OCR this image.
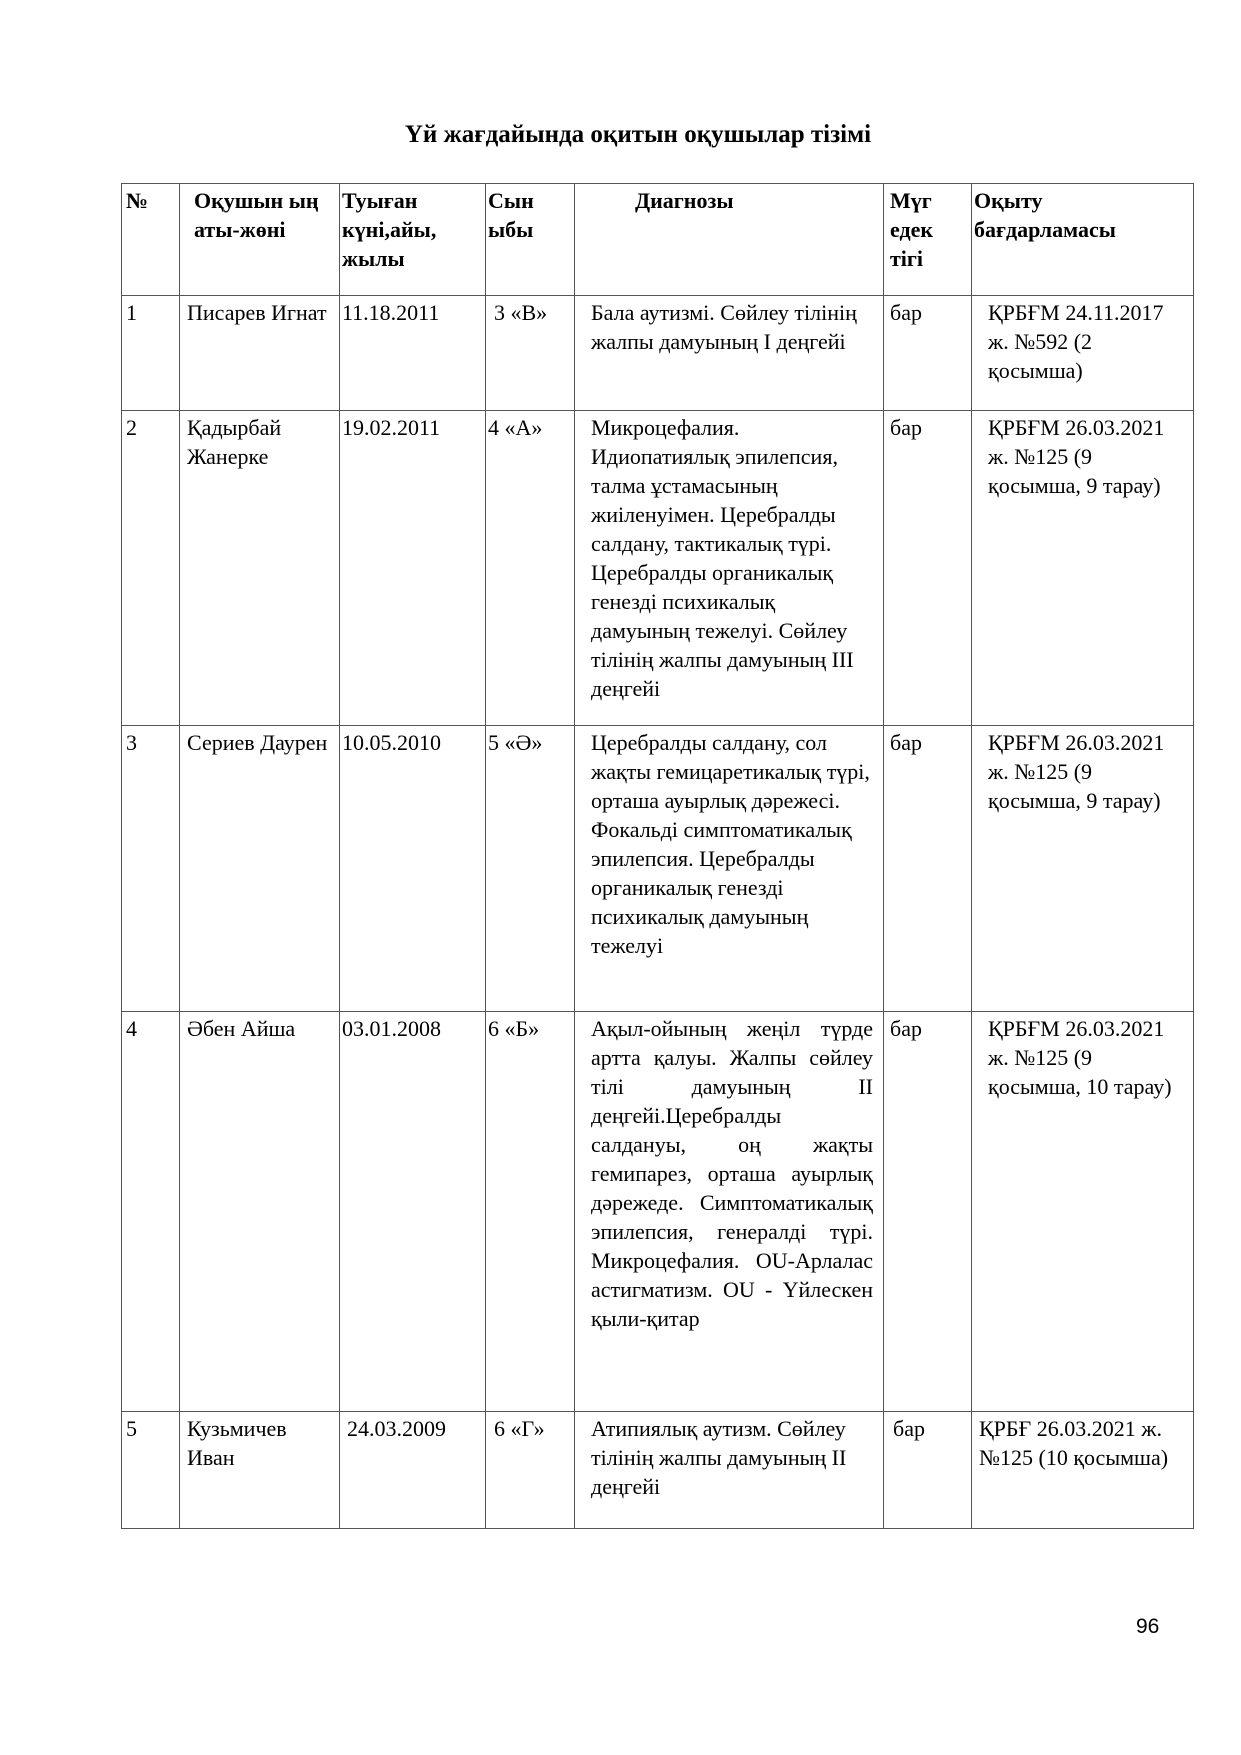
Үй жағдайында оқитын оқушылар тізімі
№	Оқушын ың аты-жөні	Туыған күні,айы, жылы	Сын ыбы	Диагнозы	Мүг едек тігі	Оқыту бағдарламасы
1	Писарев Игнат	11.18.2011	3 «В»	Бала аутизмі. Сөйлеу тілінің жалпы дамуының І деңгейі	бар	ҚРБҒМ 24.11.2017 ж. №592 (2 қосымша)
2	Қадырбай Жанерке	19.02.2011	4 «А»	Микроцефалия. Идиопатиялық эпилепсия, талма ұстамасының жиіленуімен. Церебралды салдану, тактикалық түрі. Церебралды органикалық генезді психикалық дамуының тежелуі. Сөйлеу тілінің жалпы дамуының ІІІ деңгейі	бар	ҚРБҒМ 26.03.2021 ж. №125 (9 қосымша, 9 тарау)
3	Сериев Даурен	10.05.2010	5 «Ә»	Церебралды салдану, сол жақты гемицаретикалық түрі, орташа ауырлық дәрежесі. Фокальді симптоматикалық эпилепсия. Церебралды органикалық генезді психикалық дамуының тежелуі	бар	ҚРБҒМ 26.03.2021 ж. №125 (9 қосымша, 9 тарау)
4	Әбен Айша	03.01.2008	6 «Б»	Ақыл-ойының жеңіл түрде артта қалуы. Жалпы сөйлеу тілі дамуының ІІ деңгейі.Церебралды салдануы, оң жақты гемипарез, орташа ауырлық дәрежеде. Симптоматикалық эпилепсия, генералді түрі. Микроцефалия. OU-Арлалас астигматизм. OU - Үйлескен қыли-қитар	бар	ҚРБҒМ 26.03.2021 ж. №125 (9 қосымша, 10 тарау)
5	Кузьмичев Иван	24.03.2009	6 «Г»	Атипиялық аутизм. Сөйлеу тілінің жалпы дамуының ІІ деңгейі	бар	ҚРБҒ 26.03.2021 ж. №125 (10 қосымша)
96
